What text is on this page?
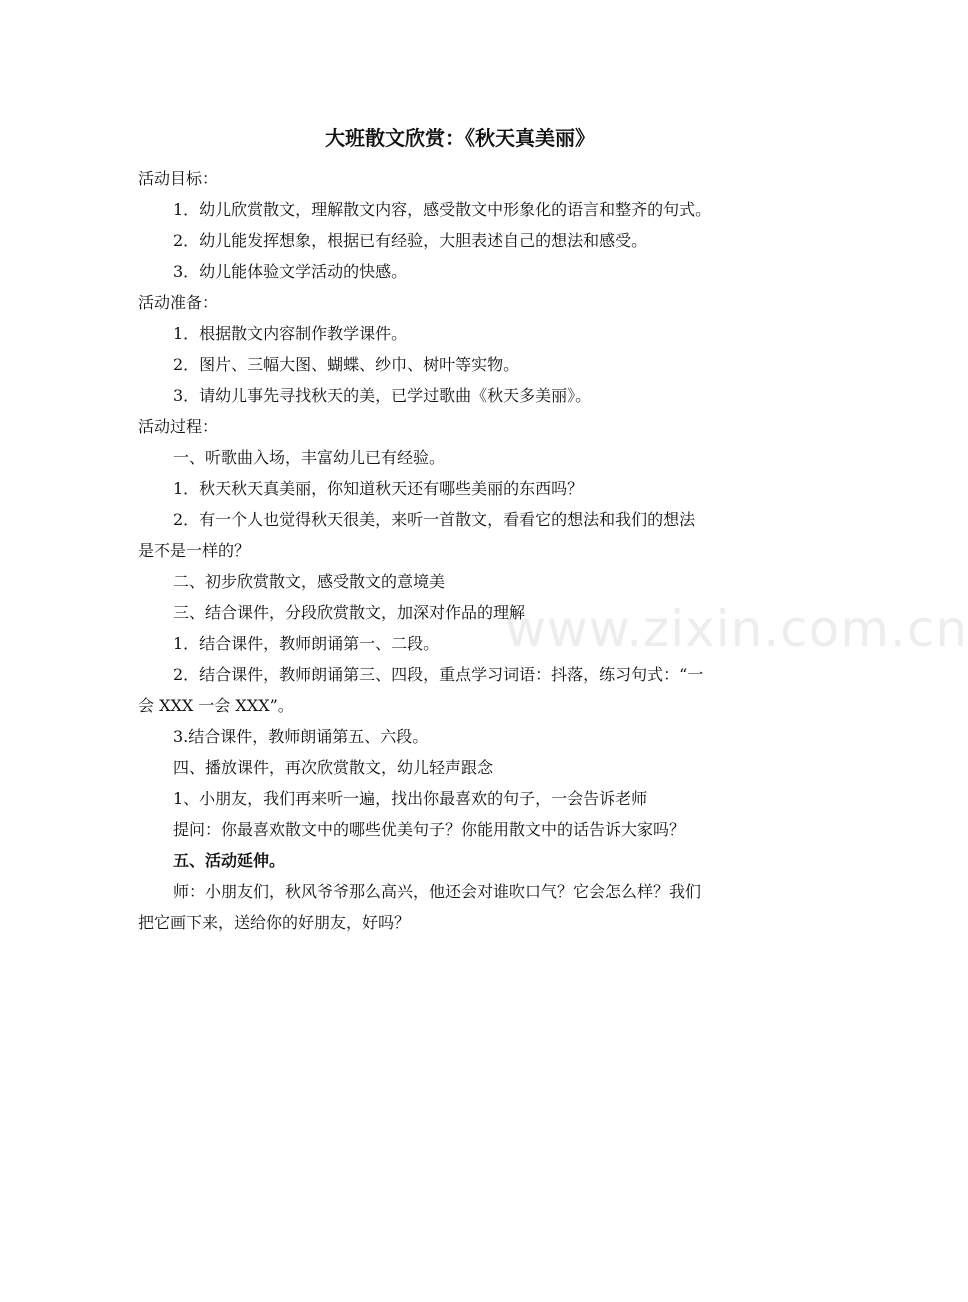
大班散文欣赏：《秋天真美丽》
活动目标：
1．幼儿欣赏散文，理解散文内容，感受散文中形象化的语言和整齐的句式。
2．幼儿能发挥想象，根据已有经验，大胆表述自己的想法和感受。
3．幼儿能体验文学活动的快感。
活动准备：
1．根据散文内容制作教学课件。
2．图片、三幅大图、蝴蝶、纱巾、树叶等实物。
3．请幼儿事先寻找秋天的美，已学过歌曲《秋天多美丽》。
活动过程：
一、听歌曲入场，丰富幼儿已有经验。
1．秋天秋天真美丽，你知道秋天还有哪些美丽的东西吗？
2．有一个人也觉得秋天很美，来听一首散文，看看它的想法和我们的想法
是不是一样的？
二、初步欣赏散文，感受散文的意境美
三、结合课件，分段欣赏散文，加深对作品的理解
1．结合课件，教师朗诵第一、二段。
2．结合课件，教师朗诵第三、四段，重点学习词语：抖落，练习句式：“一
会 XXX 一会 XXX”。
3.结合课件，教师朗诵第五、六段。
四、播放课件，再次欣赏散文，幼儿轻声跟念
1、小朋友，我们再来听一遍，找出你最喜欢的句子，一会告诉老师
提问：你最喜欢散文中的哪些优美句子？你能用散文中的话告诉大家吗？
五、活动延伸。
师：小朋友们，秋风爷爷那么高兴，他还会对谁吹口气？它会怎么样？我们
把它画下来，送给你的好朋友，好吗？
www.zixin.com.cn
